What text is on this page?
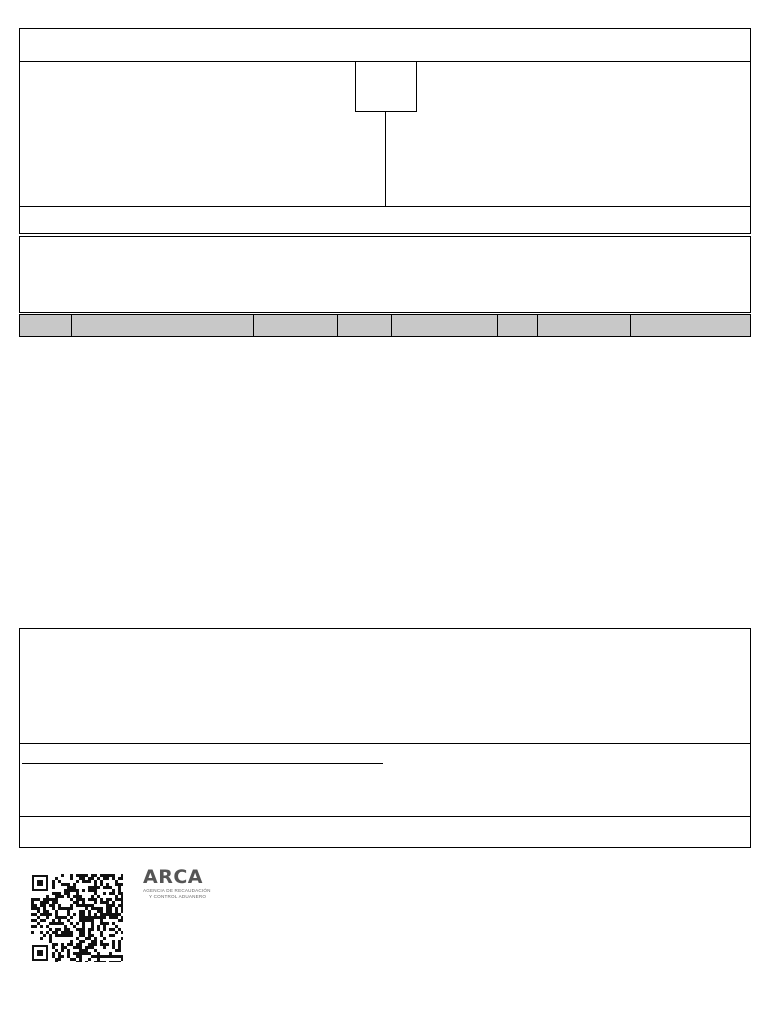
ARCA
AGENCIA DE RECAUDACIÓN
Y CONTROL ADUANERO
